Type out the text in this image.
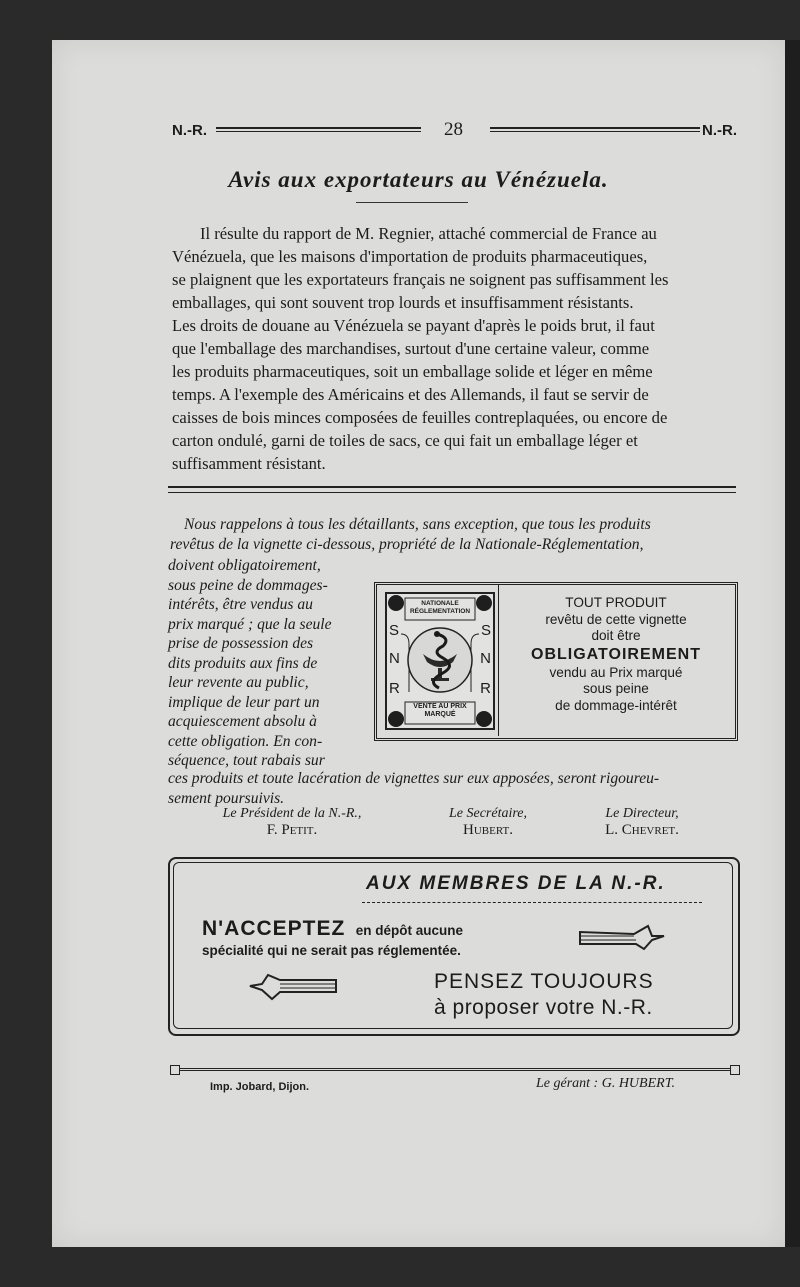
N.-R.	28	N.-R.
Avis aux exportateurs au Vénézuela.
Il résulte du rapport de M. Regnier, attaché commercial de France au
Vénézuela, que les maisons d'importation de produits pharmaceutiques,
se plaignent que les exportateurs français ne soignent pas suffisamment les
emballages, qui sont souvent trop lourds et insuffisamment résistants.
Les droits de douane au Vénézuela se payant d'après le poids brut, il faut
que l'emballage des marchandises, surtout d'une certaine valeur, comme
les produits pharmaceutiques, soit un emballage solide et léger en même
temps. A l'exemple des Américains et des Allemands, il faut se servir de
caisses de bois minces composées de feuilles contreplaquées, ou encore de
carton ondulé, garni de toiles de sacs, ce qui fait un emballage léger et
suffisamment résistant.
Nous rappelons à tous les détaillants, sans exception, que tous les produits
revêtus de la vignette ci-dessous, propriété de la Nationale-Réglementation,
doivent obligatoirement,
sous peine de dommages-
intérêts, être vendus au
prix marqué ; que la seule
prise de possession des
dits produits aux fins de
leur revente au public,
implique de leur part un
acquiescement absolu à
cette obligation. En con-
séquence, tout rabais sur
NATIONALE RÉGLEMENTATION
S	S
N	N
R	R
VENTE AU PRIX MARQUÉ
TOUT PRODUIT
revêtu de cette vignette
doit être
OBLIGATOIREMENT
vendu au Prix marqué
sous peine
de dommage-intérêt
ces produits et toute lacération de vignettes sur eux apposées, seront rigoureu-
sement poursuivis.
Le Président de la N.-R.,
F. Petit.
Le Secrétaire,
Hubert.
Le Directeur,
L. Chevret.
AUX MEMBRES DE LA N.-R.
N'ACCEPTEZ en dépôt aucune
spécialité qui ne serait pas réglementée.
PENSEZ TOUJOURS
à proposer votre N.-R.
Imp. Jobard, Dijon.	Le gérant : G. HUBERT.
